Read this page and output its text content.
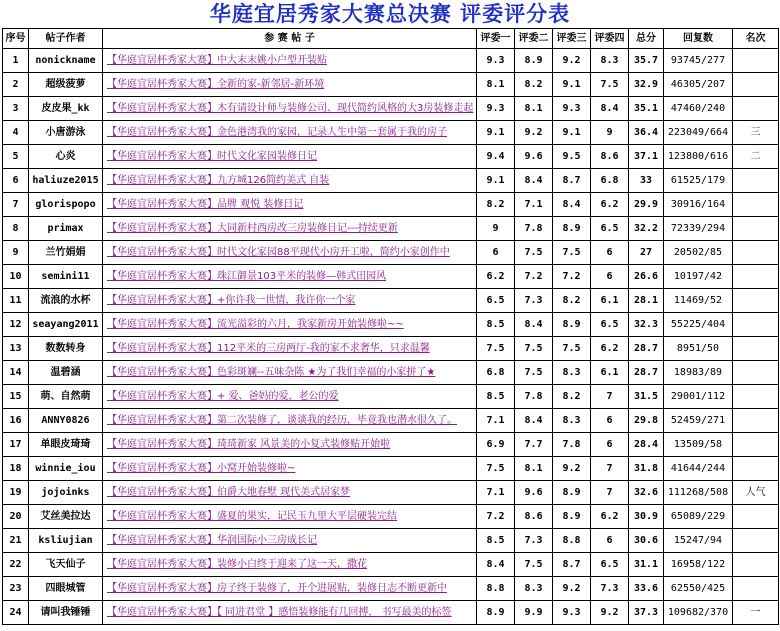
华庭宜居秀家大赛总决赛 评委评分表
序号	帖子作者	参 赛 帖 子	评委一	评委二	评委三	评委四	总分	回复数	名次
1	nonickname	【华庭宜居杯秀家大赛】中大末末姚小户型开装贴	9.3	8.9	9.2	8.3	35.7	93745/277	
2	超级菠萝	【华庭宜居杯秀家大赛】全新的家-新邻居-新环境	8.1	8.2	9.1	7.5	32.9	46305/207	
3	皮皮果_kk	【华庭宜居杯秀家大赛】木有请设计师与装修公司、现代简约风格的大3房装修走起	9.3	8.1	9.3	8.4	35.1	47460/240	
4	小唐游泳	【华庭宜居杯秀家大赛】金色港湾我的家园，记录人生中第一套属于我的房子	9.1	9.2	9.1	9	36.4	223049/664	三
5	心炎	【华庭宜居杯秀家大赛】时代文化家园装修日记	9.4	9.6	9.5	8.6	37.1	123800/616	二
6	haliuze2015	【华庭宜居杯秀家大赛】九方城126简约美式 自装	9.1	8.4	8.7	6.8	33	61525/179	
7	glorispopo	【华庭宜居杯秀家大赛】品牌 观悦 装修日记	8.2	7.1	8.4	6.2	29.9	30916/164	
8	primax	【华庭宜居杯秀家大赛】大同新村西房改三房装修日记---持续更新	9	7.8	8.9	6.5	32.2	72339/294	
9	兰竹娟娟	【华庭宜居杯秀家大赛】时代文化家园88平现代小房开工啦，简约小家创作中	6	7.5	7.5	6	27	20502/85	
10	semini11	【华庭宜居杯秀家大赛】珠江御景103平米的装修—韩式田园风	6.2	7.2	7.2	6	26.6	10197/42	
11	流浪的水杯	【华庭宜居杯秀家大赛】+你许我一世情，我许你一个家	6.5	7.3	8.2	6.1	28.1	11469/52	
12	seayang2011	【华庭宜居杯秀家大赛】流光溢彩的六月，我家新房开始装修啦~~	8.5	8.4	8.9	6.5	32.3	55225/404	
13	数数转身	【华庭宜居杯秀家大赛】112平米的三房两厅-我的家不求奢华，只求温馨	7.5	7.5	7.5	6.2	28.7	8951/50	
14	温碧涵	【华庭宜居杯秀家大赛】色彩斑斓--五味杂陈 ★为了我们幸福的小家拼了★	6.8	7.5	8.3	6.1	28.7	18983/89	
15	萌、自然萌	【华庭宜居杯秀家大赛】+ 爱、爸妈的爱，老公的爱	8.5	7.8	8.2	7	31.5	29001/112	
16	ANNY0826	【华庭宜居杯秀家大赛】第二次装修了，谈谈我的经历，毕竟我也潜水很久了。	7.1	8.4	8.3	6	29.8	52459/271	
17	单眼皮琦琦	【华庭宜居杯秀家大赛】琦琦新家 风景美的小复式装修贴开始啦	6.9	7.7	7.8	6	28.4	13509/58	
18	winnie_iou	【华庭宜居杯秀家大赛】小窝开始装修啦~	7.5	8.1	9.2	7	31.8	41644/244	
19	jojoinks	【华庭宜居杯秀家大赛】伯爵大地春墅 现代美式居家梦	7.1	9.6	8.9	7	32.6	111268/508	人气
20	艾丝美拉达	【华庭宜居杯秀家大赛】盛夏的果实，记民玉九里大平层硬装完结	7.2	8.6	8.9	6.2	30.9	65089/229	
21	ksliujian	【华庭宜居杯秀家大赛】华润国际小三房成长记	8.5	7.3	8.8	6	30.6	15247/94	
22	飞天仙子	【华庭宜居杯秀家大赛】装修小白终于迎来了这一天，撒花	8.4	7.5	8.7	6.5	31.1	16958/122	
23	四眼城管	【华庭宜居杯秀家大赛】房子终于装修了，开个进展贴，装修日志不断更新中	8.8	8.3	9.2	7.3	33.6	62550/425	
24	请叫我锤锤	【华庭宜居杯秀家大赛】【 同进君堂 】感悟装修能有几回搏， 书写最美的标签	8.9	9.9	9.3	9.2	37.3	109682/370	一
